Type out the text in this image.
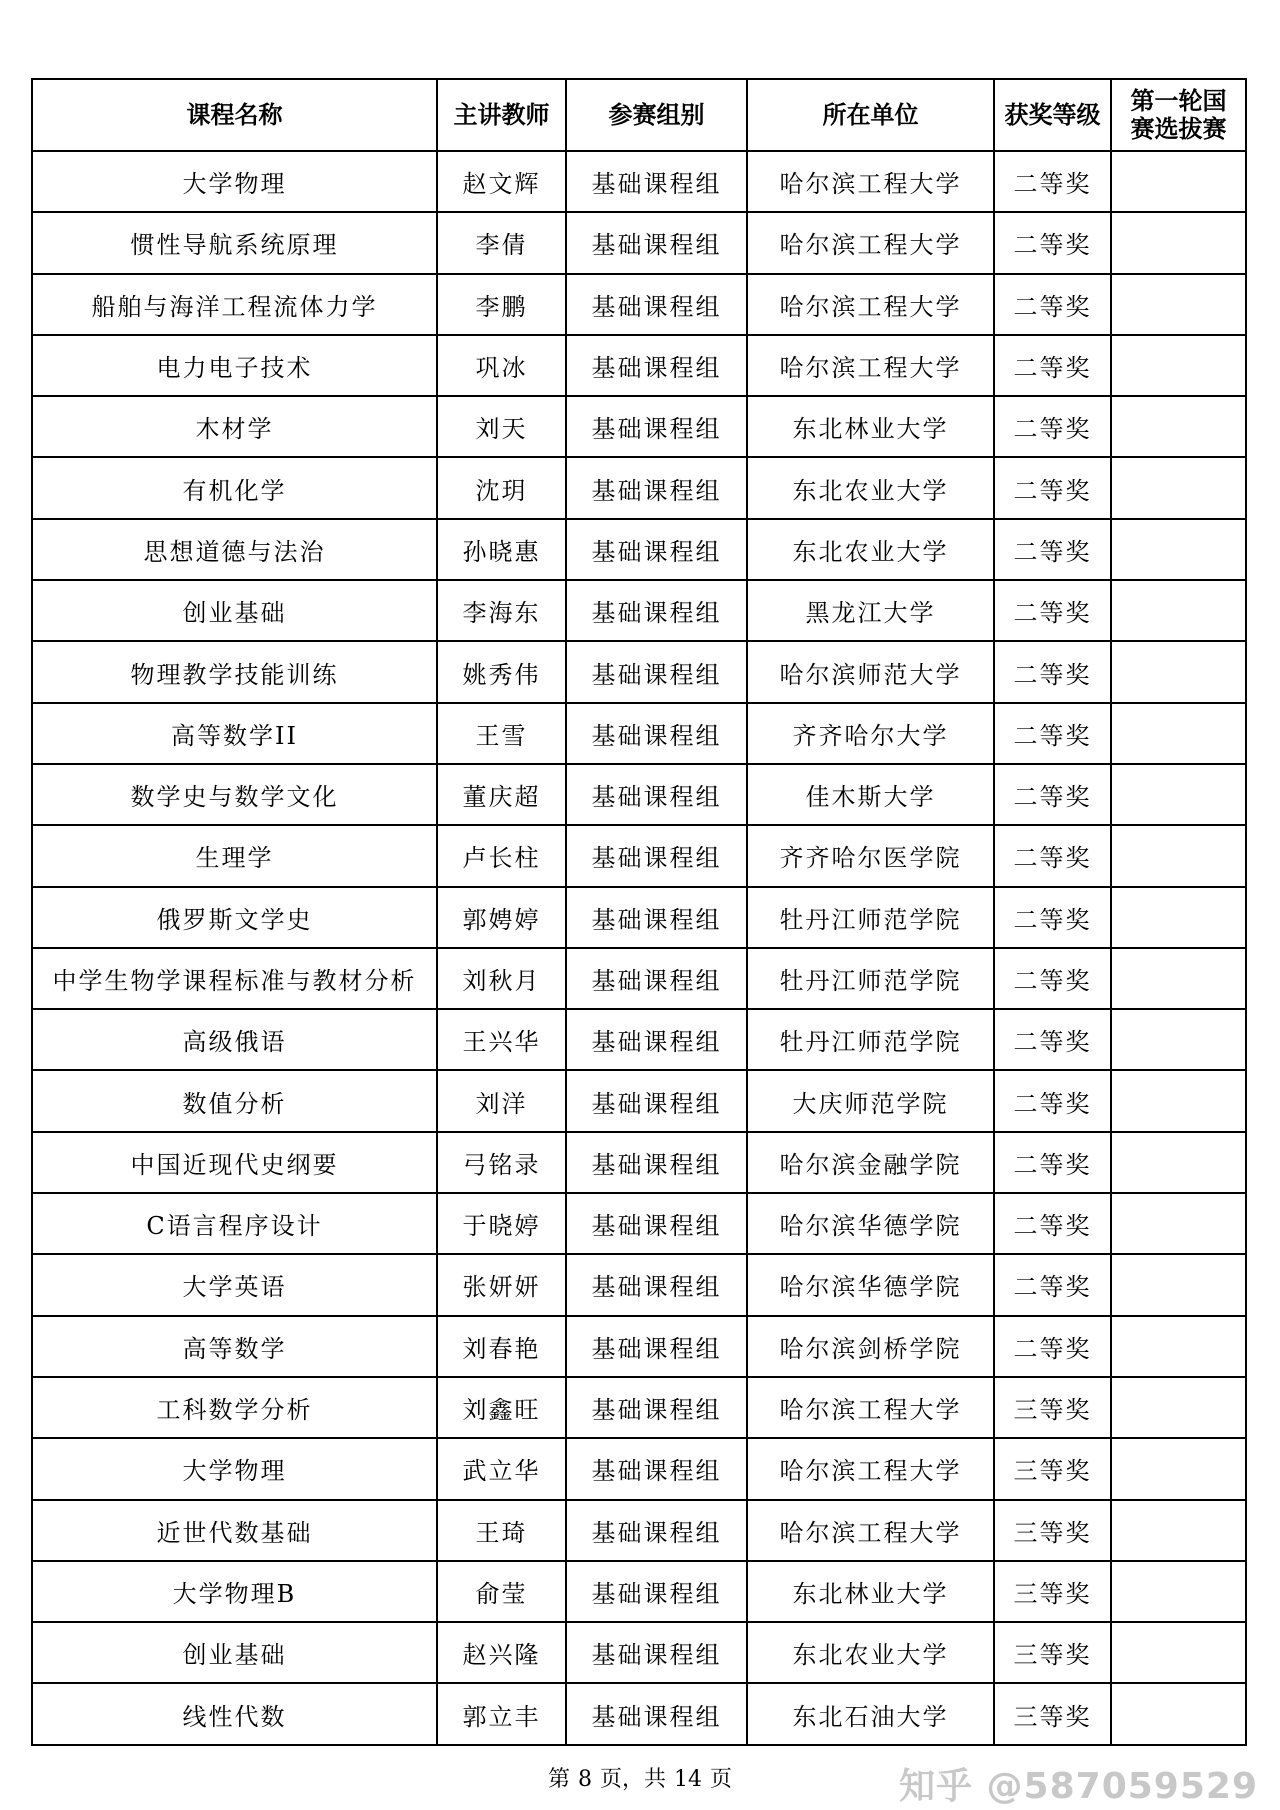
课程名称	主讲教师	参赛组别	所在单位	获奖等级	第一轮国
赛选拔赛
大学物理	赵文辉	基础课程组	哈尔滨工程大学	二等奖	
惯性导航系统原理	李倩	基础课程组	哈尔滨工程大学	二等奖	
船舶与海洋工程流体力学	李鹏	基础课程组	哈尔滨工程大学	二等奖	
电力电子技术	巩冰	基础课程组	哈尔滨工程大学	二等奖	
木材学	刘天	基础课程组	东北林业大学	二等奖	
有机化学	沈玥	基础课程组	东北农业大学	二等奖	
思想道德与法治	孙晓惠	基础课程组	东北农业大学	二等奖	
创业基础	李海东	基础课程组	黑龙江大学	二等奖	
物理教学技能训练	姚秀伟	基础课程组	哈尔滨师范大学	二等奖	
高等数学II	王雪	基础课程组	齐齐哈尔大学	二等奖	
数学史与数学文化	董庆超	基础课程组	佳木斯大学	二等奖	
生理学	卢长柱	基础课程组	齐齐哈尔医学院	二等奖	
俄罗斯文学史	郭娉婷	基础课程组	牡丹江师范学院	二等奖	
中学生物学课程标准与教材分析	刘秋月	基础课程组	牡丹江师范学院	二等奖	
高级俄语	王兴华	基础课程组	牡丹江师范学院	二等奖	
数值分析	刘洋	基础课程组	大庆师范学院	二等奖	
中国近现代史纲要	弓铭录	基础课程组	哈尔滨金融学院	二等奖	
C语言程序设计	于晓婷	基础课程组	哈尔滨华德学院	二等奖	
大学英语	张妍妍	基础课程组	哈尔滨华德学院	二等奖	
高等数学	刘春艳	基础课程组	哈尔滨剑桥学院	二等奖	
工科数学分析	刘鑫旺	基础课程组	哈尔滨工程大学	三等奖	
大学物理	武立华	基础课程组	哈尔滨工程大学	三等奖	
近世代数基础	王琦	基础课程组	哈尔滨工程大学	三等奖	
大学物理B	俞莹	基础课程组	东北林业大学	三等奖	
创业基础	赵兴隆	基础课程组	东北农业大学	三等奖	
线性代数	郭立丰	基础课程组	东北石油大学	三等奖	
第 8 页，共 14 页	知乎 @587059529
